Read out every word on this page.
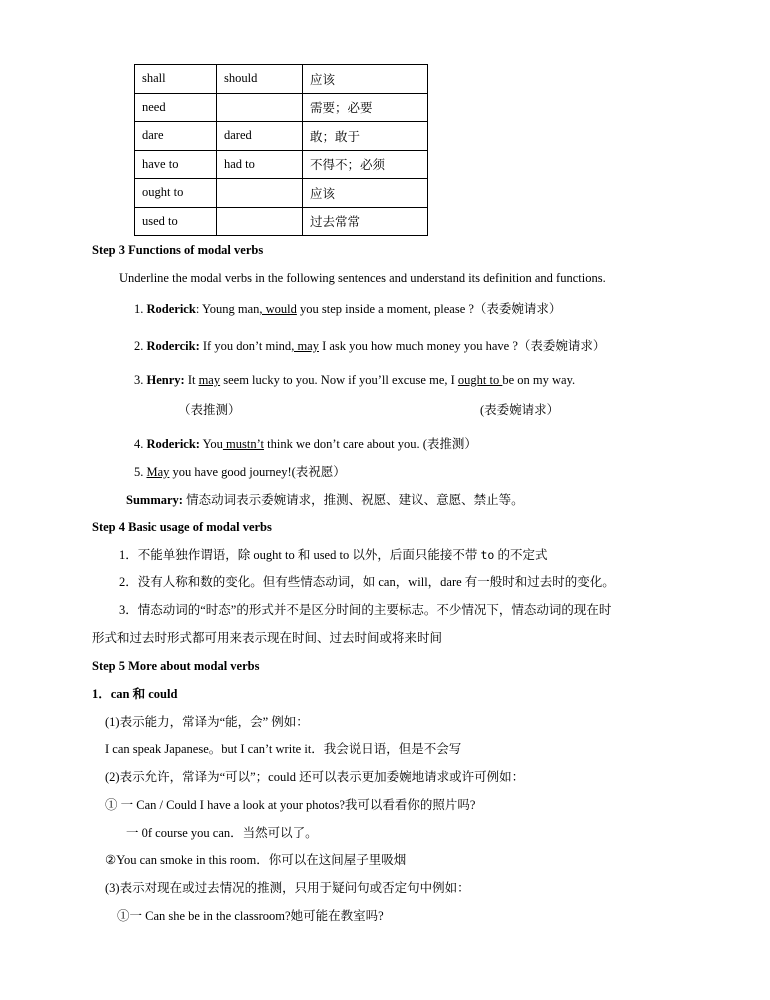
shall	should	应该
need		需要；必要
dare	dared	敢；敢于
have to	had to	不得不；必须
ought to		应该
used to		过去常常
Step 3 Functions of modal verbs
Underline the modal verbs in the following sentences and understand its definition and functions.
1. Roderick: Young man, would you step inside a moment, please ?（表委婉请求）
2. Rodercik: If you don’t mind, may I ask you how much money you have ?（表委婉请求）
3. Henry: It may seem lucky to you. Now if you’ll excuse me, I ought to be on my way.
（表推测）	(表委婉请求）
4. Roderick: You mustn’t think we don’t care about you. (表推测）
5. May you have good journey!(表祝愿）
Summary: 情态动词表示委婉请求，推测、祝愿、建议、意愿、禁止等。
Step 4 Basic usage of modal verbs
1．不能单独作谓语，除 ought to 和 used to 以外，后面只能接不带 to 的不定式
2．没有人称和数的变化。但有些情态动词，如 can，will，dare 有一般时和过去时的变化。
3．情态动词的“时态”的形式并不是区分时间的主要标志。不少情况下，情态动词的现在时
形式和过去时形式都可用来表示现在时间、过去时间或将来时间
Step 5 More about modal verbs
1．can 和 could
(1)表示能力，常译为“能，会” 例如：
I can speak Japanese。but I can’t write it．我会说日语，但是不会写
(2)表示允许，常译为“可以”；could 还可以表示更加委婉地请求或许可例如：
① 一 Can / Could I have a look at your photos?我可以看看你的照片吗?
一 0f course you can．当然可以了。
②You can smoke in this room．你可以在这间屋子里吸烟
(3)表示对现在或过去情况的推测，只用于疑问句或否定句中例如：
①一 Can she be in the classroom?她可能在教室吗?
